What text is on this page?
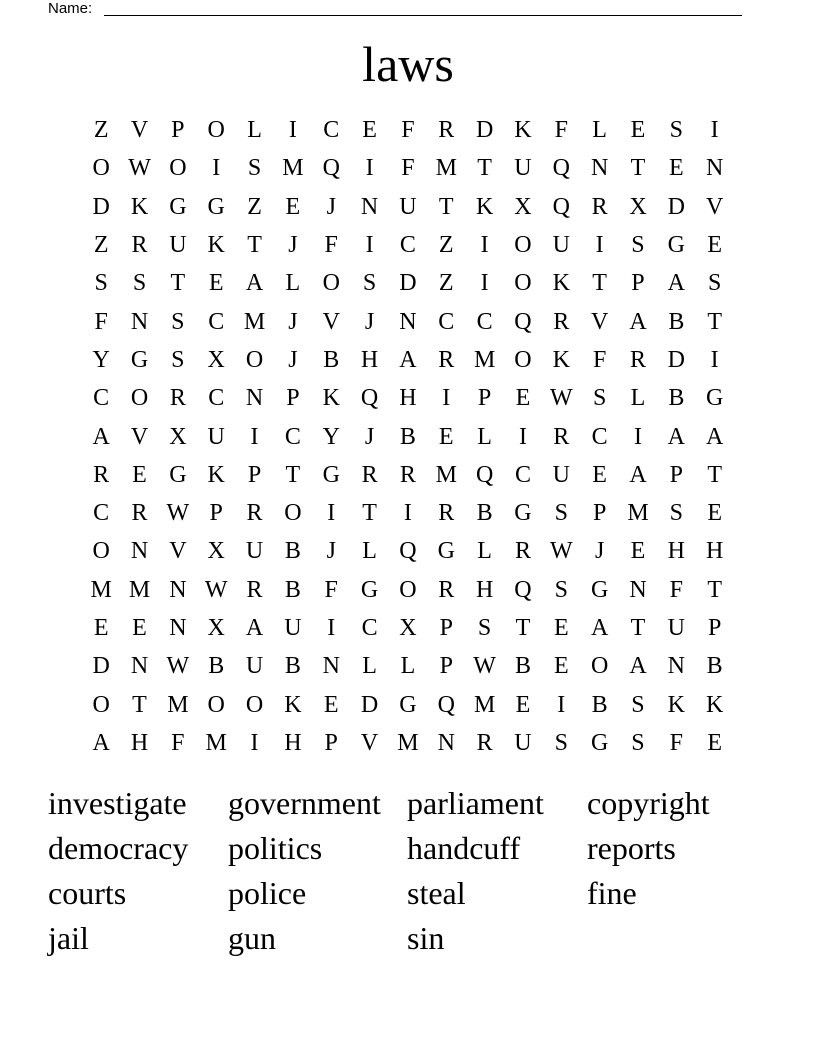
Name:
laws
Z V P O L	I	C E	F R D K F	L E	S	I
O W O	I	S M Q	I	F M T U Q N T E N
D K G G Z E	J	N U T K X Q R X D V
Z R U K T	J	F	I	C Z	I	O U	I	S G E
S	S	T E A L O S D Z	I	O K T	P A S
F N S C M J	V	J	N C C Q R V A B T
Y G S X O	J	B H A R M O K F R D	I
C O R C N P K Q H	I	P	E W S	L B G
A V X U	I	C Y	J	B E L	I	R C	I	A A
R E G K P	T G R R M Q C U E A P	T
C R W P R O	I	T	I	R B G S	P M S	E
O N V X U B	J	L Q G L R W J	E H H
M M N W R B F G O R H Q S G N F	T
E E N X A U	I	C X P	S	T E A T U P
D N W B U B N L L	P W B E O A N B
O T M O O K E D G Q M E	I	B S K K
A H F M I	H P V M N R U S G S	F	E
investigate	government parliament	copyright
democracy	politics	handcuff	reports
courts	police	steal	fine
jail	gun	sin
